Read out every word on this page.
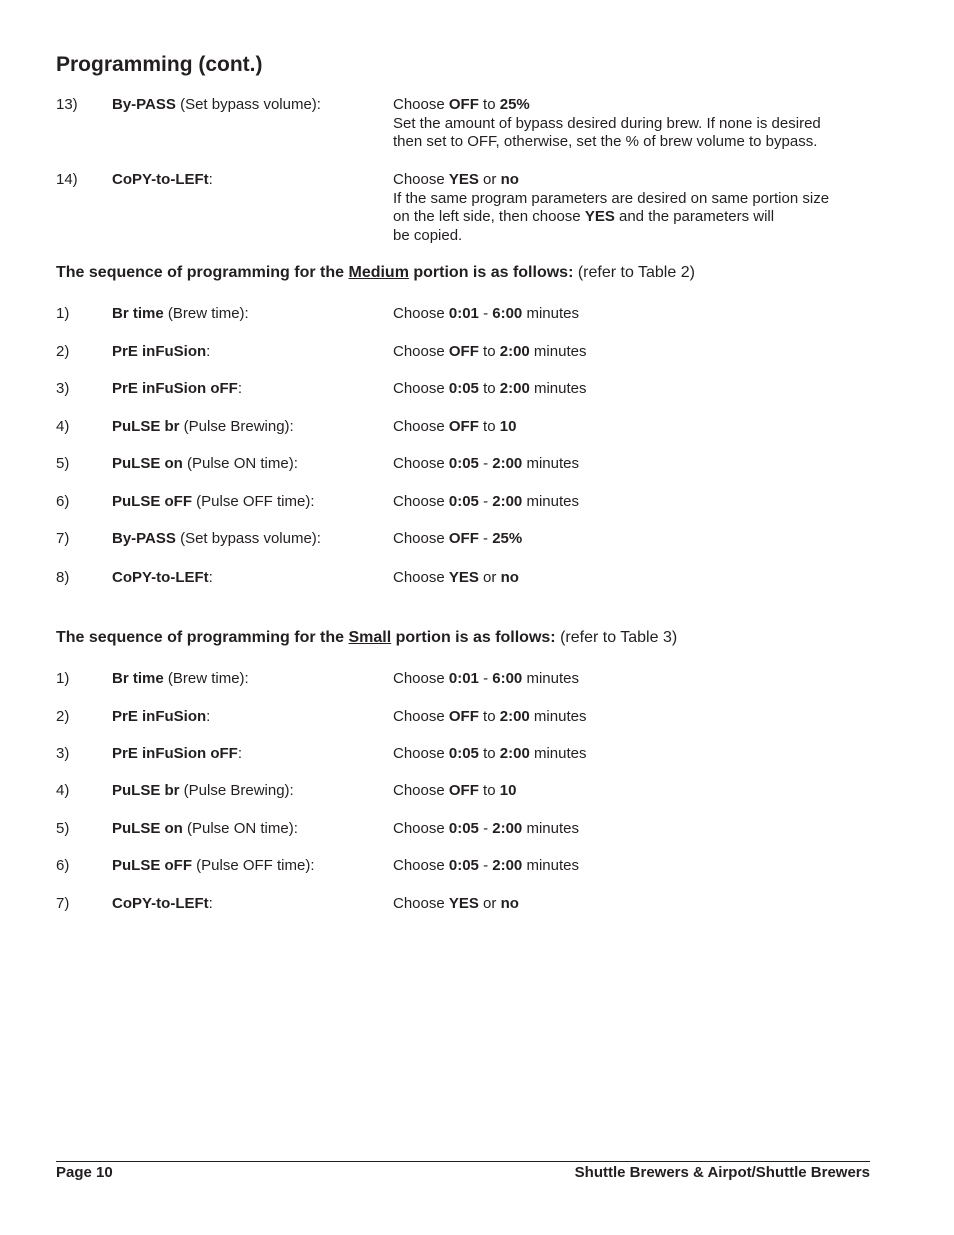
Programming (cont.)
13) By-PASS (Set bypass volume):	Choose OFF to 25%
Set the amount of bypass desired during brew. If none is desired
then set to OFF, otherwise, set the % of brew volume to bypass.
14) CoPY-to-LEFt:	Choose YES or no
If the same program parameters are desired on same portion size
on the left side, then choose YES and the parameters will
be copied.
The sequence of programming for the Medium portion is as follows: (refer to Table 2)
1)	Br time (Brew time):	Choose 0:01 - 6:00 minutes
2)	PrE inFuSion:	Choose OFF to 2:00 minutes
3)	PrE inFuSion oFF:	Choose 0:05 to 2:00 minutes
4)	PuLSE br (Pulse Brewing):	Choose OFF to 10
5)	PuLSE on (Pulse ON time):	Choose 0:05 - 2:00 minutes
6)	PuLSE oFF (Pulse OFF time):	Choose 0:05 - 2:00 minutes
7)	By-PASS (Set bypass volume):	Choose OFF - 25%
8)	CoPY-to-LEFt:	Choose YES or no
The sequence of programming for the Small portion is as follows: (refer to Table 3)
1)	Br time (Brew time):	Choose 0:01 - 6:00 minutes
2)	PrE inFuSion:	Choose OFF to 2:00 minutes
3)	PrE inFuSion oFF:	Choose 0:05 to 2:00 minutes
4)	PuLSE br (Pulse Brewing):	Choose OFF to 10
5)	PuLSE on (Pulse ON time):	Choose 0:05 - 2:00 minutes
6)	PuLSE oFF (Pulse OFF time):	Choose 0:05 - 2:00 minutes
7)	CoPY-to-LEFt:	Choose YES or no
Page 10	Shuttle Brewers & Airpot/Shuttle Brewers
